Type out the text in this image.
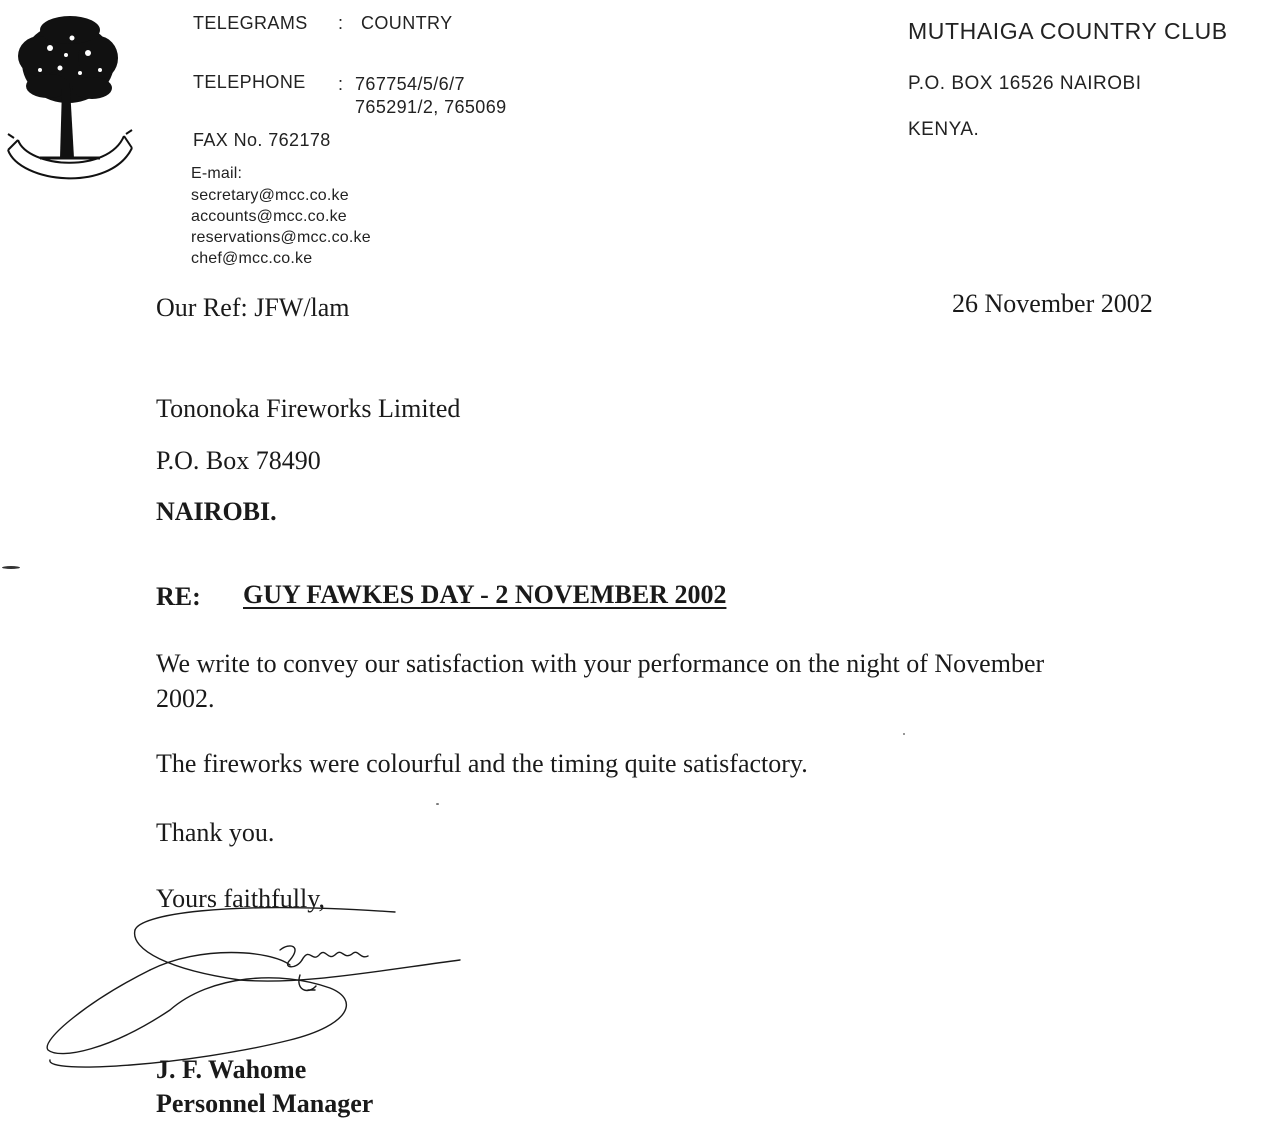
TELEGRAMS : COUNTRY
TELEPHONE : 767754/5/6/7
765291/2, 765069
FAX No. 762178
E-mail:
secretary@mcc.co.ke
accounts@mcc.co.ke
reservations@mcc.co.ke
chef@mcc.co.ke
MUTHAIGA COUNTRY CLUB
P.O. BOX 16526 NAIROBI
KENYA.
Our Ref: JFW/lam	26 November 2002
Tononoka Fireworks Limited
P.O. Box 78490
NAIROBI.
RE: GUY FAWKES DAY - 2 NOVEMBER 2002
We write to convey our satisfaction with your performance on the night of November
2002.
The fireworks were colourful and the timing quite satisfactory.
Thank you.
Yours faithfully,
J. F. Wahome
Personnel Manager
